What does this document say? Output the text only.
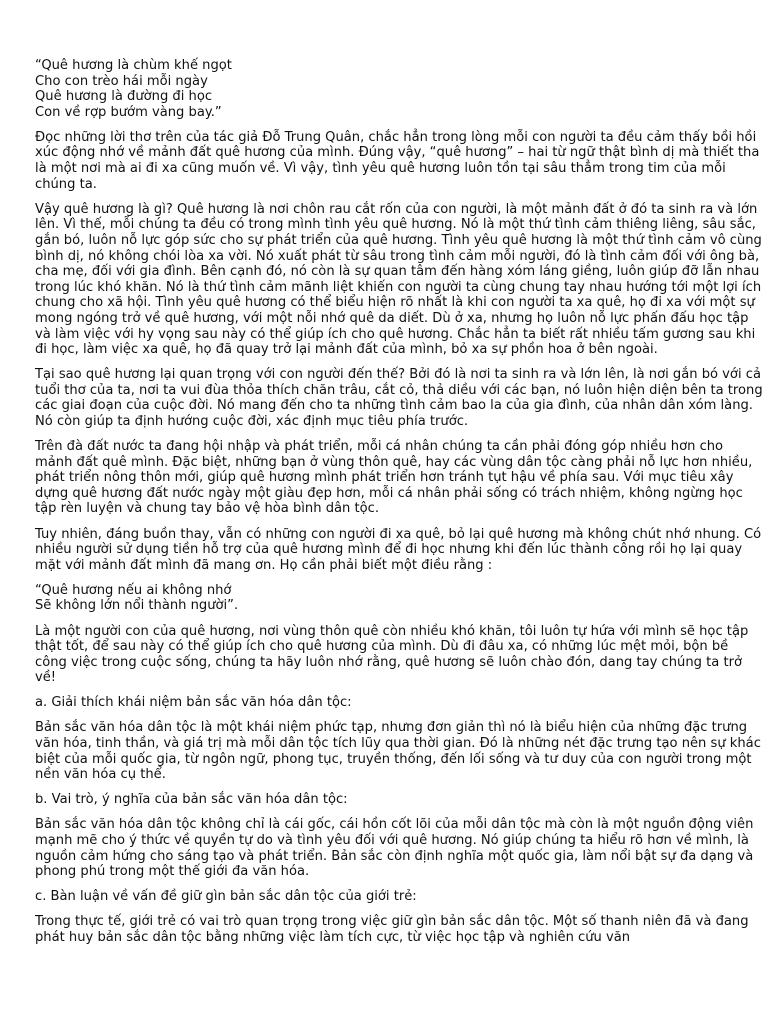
“Quê hương là chùm khế ngọt
Cho con trèo hái mỗi ngày
Quê hương là đường đi học
Con về rợp bướm vàng bay.”

Đọc những lời thơ trên của tác giả Đỗ Trung Quân, chắc hẳn trong lòng mỗi con người ta đều cảm thấy bồi hồi xúc động nhớ về mảnh đất quê hương của mình. Đúng vậy, “quê hương” – hai từ ngữ thật bình dị mà thiết tha là một nơi mà ai đi xa cũng muốn về. Vì vậy, tình yêu quê hương luôn tồn tại sâu thẳm trong tim của mỗi chúng ta.

Vậy quê hương là gì? Quê hương là nơi chôn rau cắt rốn của con người, là một mảnh đất ở đó ta sinh ra và lớn lên. Vì thế, mỗi chúng ta đều có trong mình tình yêu quê hương. Nó là một thứ tình cảm thiêng liêng, sâu sắc, gắn bó, luôn nỗ lực góp sức cho sự phát triển của quê hương. Tình yêu quê hương là một thứ tình cảm vô cùng bình dị, nó không chói lòa xa vời. Nó xuất phát từ sâu trong tình cảm mỗi người, đó là tình cảm đối với ông bà, cha mẹ, đối với gia đình. Bên cạnh đó, nó còn là sự quan tâm đến hàng xóm láng giềng, luôn giúp đỡ lẫn nhau trong lúc khó khăn. Nó là thứ tình cảm mãnh liệt khiến con người ta cùng chung tay nhau hướng tới một lợi ích chung cho xã hội. Tình yêu quê hương có thể biểu hiện rõ nhất là khi con người ta xa quê, họ đi xa với một sự mong ngóng trở về quê hương, với một nỗi nhớ quê da diết. Dù ở xa, nhưng họ luôn nỗ lực phấn đấu học tập và làm việc với hy vọng sau này có thể giúp ích cho quê hương. Chắc hẳn ta biết rất nhiều tấm gương sau khi đi học, làm việc xa quê, họ đã quay trở lại mảnh đất của mình, bỏ xa sự phồn hoa ở bên ngoài.

Tại sao quê hương lại quan trọng với con người đến thế? Bởi đó là nơi ta sinh ra và lớn lên, là nơi gắn bó với cả tuổi thơ của ta, nơi ta vui đùa thỏa thích chăn trâu, cắt cỏ, thả diều với các bạn, nó luôn hiện diện bên ta trong các giai đoạn của cuộc đời. Nó mang đến cho ta những tình cảm bao la của gia đình, của nhân dân xóm làng. Nó còn giúp ta định hướng cuộc đời, xác định mục tiêu phía trước.

Trên đà đất nước ta đang hội nhập và phát triển, mỗi cá nhân chúng ta cần phải đóng góp nhiều hơn cho mảnh đất quê mình. Đặc biệt, những bạn ở vùng thôn quê, hay các vùng dân tộc càng phải nỗ lực hơn nhiều, phát triển nông thôn mới, giúp quê hương mình phát triển hơn tránh tụt hậu về phía sau. Với mục tiêu xây dựng quê hương đất nước ngày một giàu đẹp hơn, mỗi cá nhân phải sống có trách nhiệm, không ngừng học tập rèn luyện và chung tay bảo vệ hòa bình dân tộc.

Tuy nhiên, đáng buồn thay, vẫn có những con người đi xa quê, bỏ lại quê hương mà không chút nhớ nhung. Có nhiều người sử dụng tiền hỗ trợ của quê hương mình để đi học nhưng khi đến lúc thành công rồi họ lại quay mặt với mảnh đất mình đã mang ơn. Họ cần phải biết một điều rằng :

“Quê hương nếu ai không nhớ
Sẽ không lớn nổi thành người”.

Là một người con của quê hương, nơi vùng thôn quê còn nhiều khó khăn, tôi luôn tự hứa với mình sẽ học tập thật tốt, để sau này có thể giúp ích cho quê hương của mình. Dù đi đâu xa, có những lúc mệt mỏi, bộn bề công việc trong cuộc sống, chúng ta hãy luôn nhớ rằng, quê hương sẽ luôn chào đón, dang tay chúng ta trở về!

a. Giải thích khái niệm bản sắc văn hóa dân tộc:

Bản sắc văn hóa dân tộc là một khái niệm phức tạp, nhưng đơn giản thì nó là biểu hiện của những đặc trưng văn hóa, tinh thần, và giá trị mà mỗi dân tộc tích lũy qua thời gian. Đó là những nét đặc trưng tạo nên sự khác biệt của mỗi quốc gia, từ ngôn ngữ, phong tục, truyền thống, đến lối sống và tư duy của con người trong một nền văn hóa cụ thể.

b. Vai trò, ý nghĩa của bản sắc văn hóa dân tộc:

Bản sắc văn hóa dân tộc không chỉ là cái gốc, cái hồn cốt lõi của mỗi dân tộc mà còn là một nguồn động viên mạnh mẽ cho ý thức về quyền tự do và tình yêu đối với quê hương. Nó giúp chúng ta hiểu rõ hơn về mình, là nguồn cảm hứng cho sáng tạo và phát triển. Bản sắc còn định nghĩa một quốc gia, làm nổi bật sự đa dạng và phong phú trong một thế giới đa văn hóa.

c. Bàn luận về vấn đề giữ gìn bản sắc dân tộc của giới trẻ:

Trong thực tế, giới trẻ có vai trò quan trọng trong việc giữ gìn bản sắc dân tộc. Một số thanh niên đã và đang phát huy bản sắc dân tộc bằng những việc làm tích cực, từ việc học tập và nghiên cứu văn
